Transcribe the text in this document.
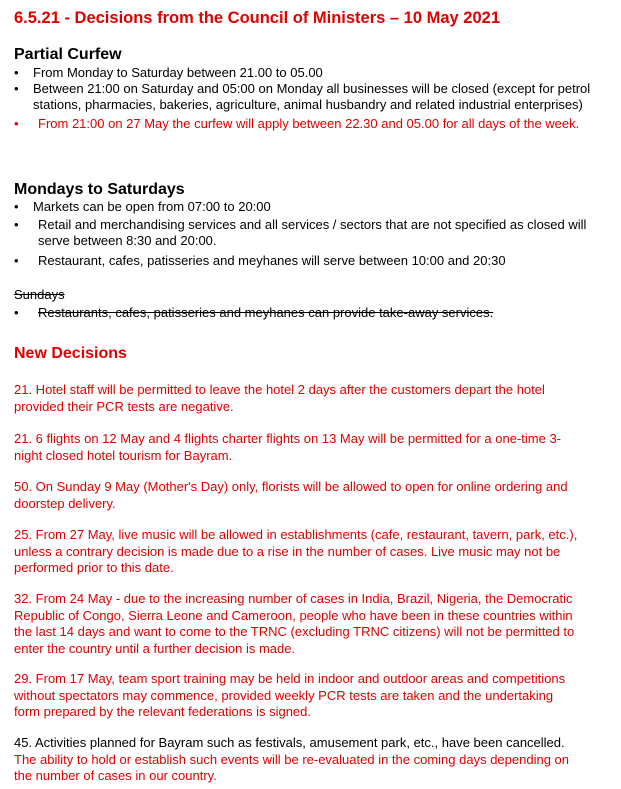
6.5.21 - Decisions from the Council of Ministers – 10 May 2021
Partial Curfew
• From Monday to Saturday between 21.00 to 05.00
• Between 21:00 on Saturday and 05:00 on Monday all businesses will be closed (except for petrol stations, pharmacies, bakeries, agriculture, animal husbandry and related industrial enterprises)
• From 21:00 on 27 May the curfew will apply between 22.30 and 05.00 for all days of the week.
Mondays to Saturdays
• Markets can be open from 07:00 to 20:00
• Retail and merchandising services and all services / sectors that are not specified as closed will serve between 8:30 and 20:00.
• Restaurant, cafes, patisseries and meyhanes will serve between 10:00 and 20:30
Sundays
• Restaurants, cafes, patisseries and meyhanes can provide take-away services.
New Decisions
21. Hotel staff will be permitted to leave the hotel 2 days after the customers depart the hotel provided their PCR tests are negative.
21. 6 flights on 12 May and 4 flights charter flights on 13 May will be permitted for a one-time 3-night closed hotel tourism for Bayram.
50. On Sunday 9 May (Mother's Day) only, florists will be allowed to open for online ordering and doorstep delivery.
25. From 27 May, live music will be allowed in establishments (cafe, restaurant, tavern, park, etc.), unless a contrary decision is made due to a rise in the number of cases. Live music may not be performed prior to this date.
32. From 24 May - due to the increasing number of cases in India, Brazil, Nigeria, the Democratic Republic of Congo, Sierra Leone and Cameroon, people who have been in these countries within the last 14 days and want to come to the TRNC (excluding TRNC citizens) will not be permitted to enter the country until a further decision is made.
29. From 17 May, team sport training may be held in indoor and outdoor areas and competitions without spectators may commence, provided weekly PCR tests are taken and the undertaking form prepared by the relevant federations is signed.
45. Activities planned for Bayram such as festivals, amusement park, etc., have been cancelled. The ability to hold or establish such events will be re-evaluated in the coming days depending on the number of cases in our country.
